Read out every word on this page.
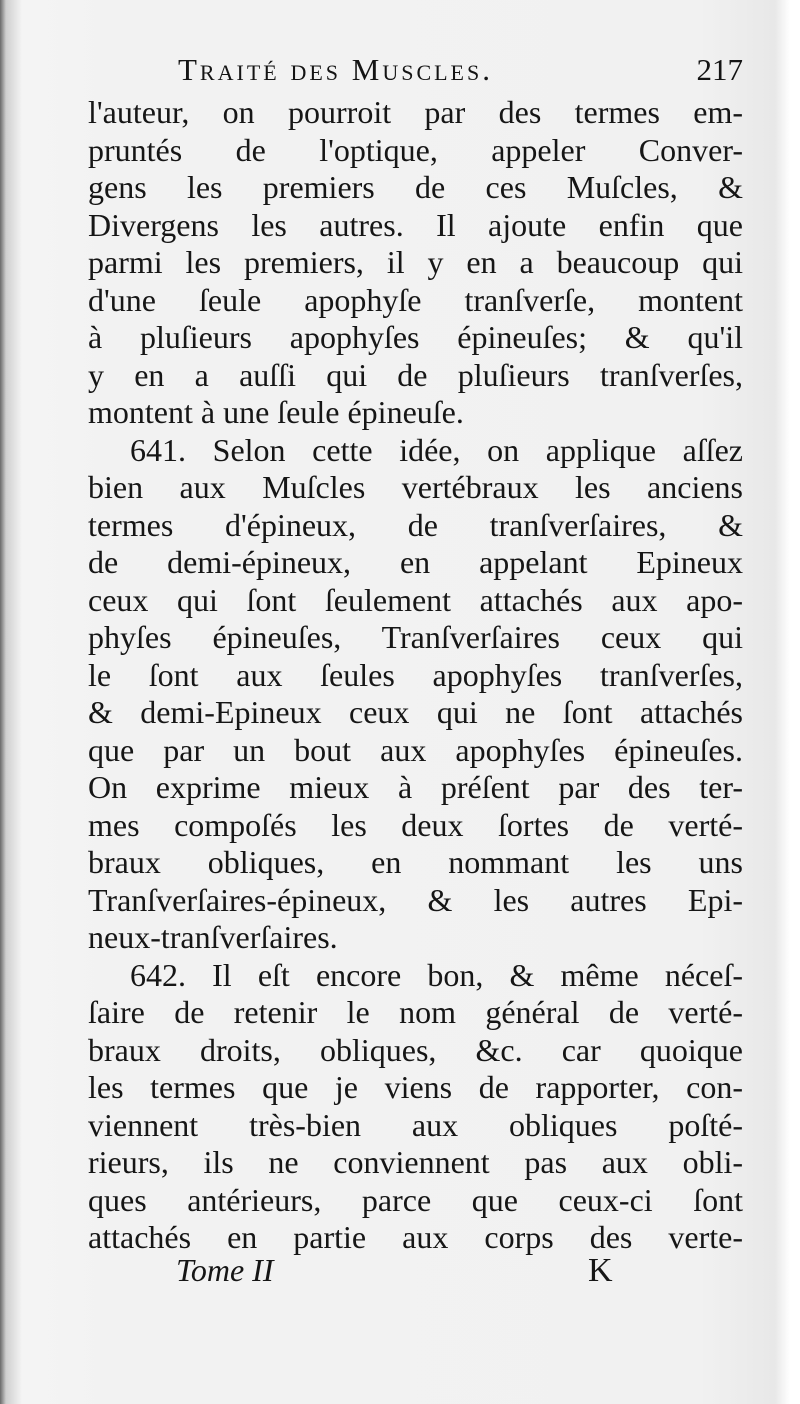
Traité des Muscles.	217
l'auteur, on pourroit par des termes em-
pruntés de l'optique, appeler Conver-
gens les premiers de ces Muſcles, &
Divergens les autres. Il ajoute enfin que
parmi les premiers, il y en a beaucoup qui
d'une ſeule apophyſe tranſverſe, montent
à pluſieurs apophyſes épineuſes; & qu'il
y en a auſſi qui de pluſieurs tranſverſes,
montent à une ſeule épineuſe.
641. Selon cette idée, on applique aſſez
bien aux Muſcles vertébraux les anciens
termes d'épineux, de tranſverſaires, &
de demi-épineux, en appelant Epineux
ceux qui ſont ſeulement attachés aux apo-
phyſes épineuſes, Tranſverſaires ceux qui
le ſont aux ſeules apophyſes tranſverſes,
& demi-Epineux ceux qui ne ſont attachés
que par un bout aux apophyſes épineuſes.
On exprime mieux à préſent par des ter-
mes compoſés les deux ſortes de verté-
braux obliques, en nommant les uns
Tranſverſaires-épineux, & les autres Epi-
neux-tranſverſaires.
642. Il eſt encore bon, & même néceſ-
ſaire de retenir le nom général de verté-
braux droits, obliques, &c. car quoique
les termes que je viens de rapporter, con-
viennent très-bien aux obliques poſté-
rieurs, ils ne conviennent pas aux obli-
ques antérieurs, parce que ceux-ci ſont
attachés en partie aux corps des verte-
Tome II	K
